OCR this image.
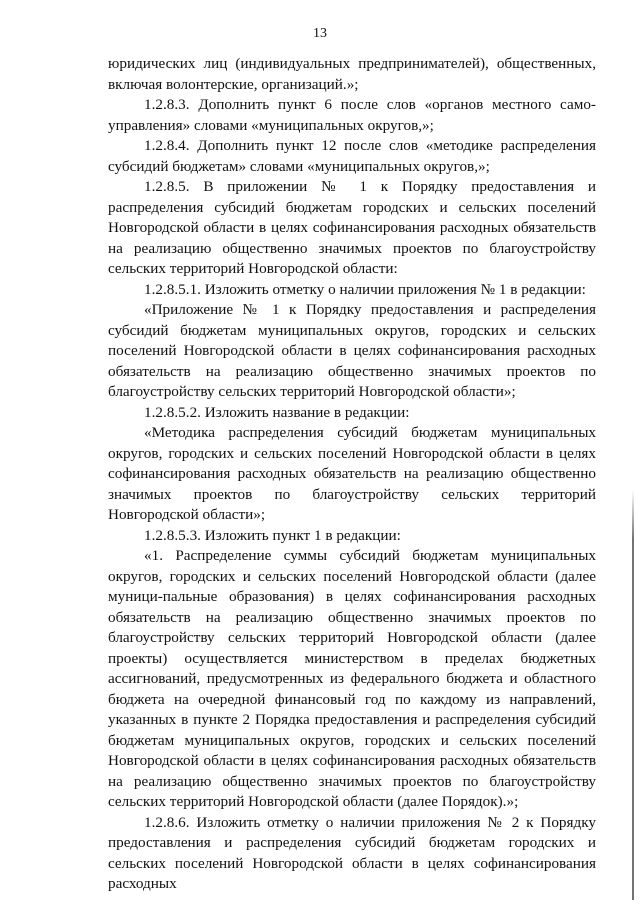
13

юридических лиц (индивидуальных предпринимателей), общественных, включая волонтерские, организаций.»;

1.2.8.3. Дополнить пункт 6 после слов «органов местного само-управления» словами «муниципальных округов,»;

1.2.8.4. Дополнить пункт 12 после слов «методике распределения субсидий бюджетам» словами «муниципальных округов,»;

1.2.8.5. В приложении № 1 к Порядку предоставления и распределения субсидий бюджетам городских и сельских поселений Новгородской области в целях софинансирования расходных обязательств на реализацию общественно значимых проектов по благоустройству сельских территорий Новгородской области:

1.2.8.5.1. Изложить отметку о наличии приложения № 1 в редакции:

«Приложение № 1 к Порядку предоставления и распределения субсидий бюджетам муниципальных округов, городских и сельских поселений Новгородской области в целях софинансирования расходных обязательств на реализацию общественно значимых проектов по благоустройству сельских территорий Новгородской области»;

1.2.8.5.2. Изложить название в редакции:

«Методика распределения субсидий бюджетам муниципальных округов, городских и сельских поселений Новгородской области в целях софинансирования расходных обязательств на реализацию общественно значимых проектов по благоустройству сельских территорий Новгородской области»;

1.2.8.5.3. Изложить пункт 1 в редакции:

«1. Распределение суммы субсидий бюджетам муниципальных округов, городских и сельских поселений Новгородской области (далее муници-пальные образования) в целях софинансирования расходных обязательств на реализацию общественно значимых проектов по благоустройству сельских территорий Новгородской области (далее проекты) осуществляется министерством в пределах бюджетных ассигнований, предусмотренных из федерального бюджета и областного бюджета на очередной финансовый год по каждому из направлений, указанных в пункте 2 Порядка предоставления и распределения субсидий бюджетам муниципальных округов, городских и сельских поселений Новгородской области в целях софинансирования расходных обязательств на реализацию общественно значимых проектов по благоустройству сельских территорий Новгородской области (далее Порядок).»;

1.2.8.6. Изложить отметку о наличии приложения № 2 к Порядку предоставления и распределения субсидий бюджетам городских и сельских поселений Новгородской области в целях софинансирования расходных
